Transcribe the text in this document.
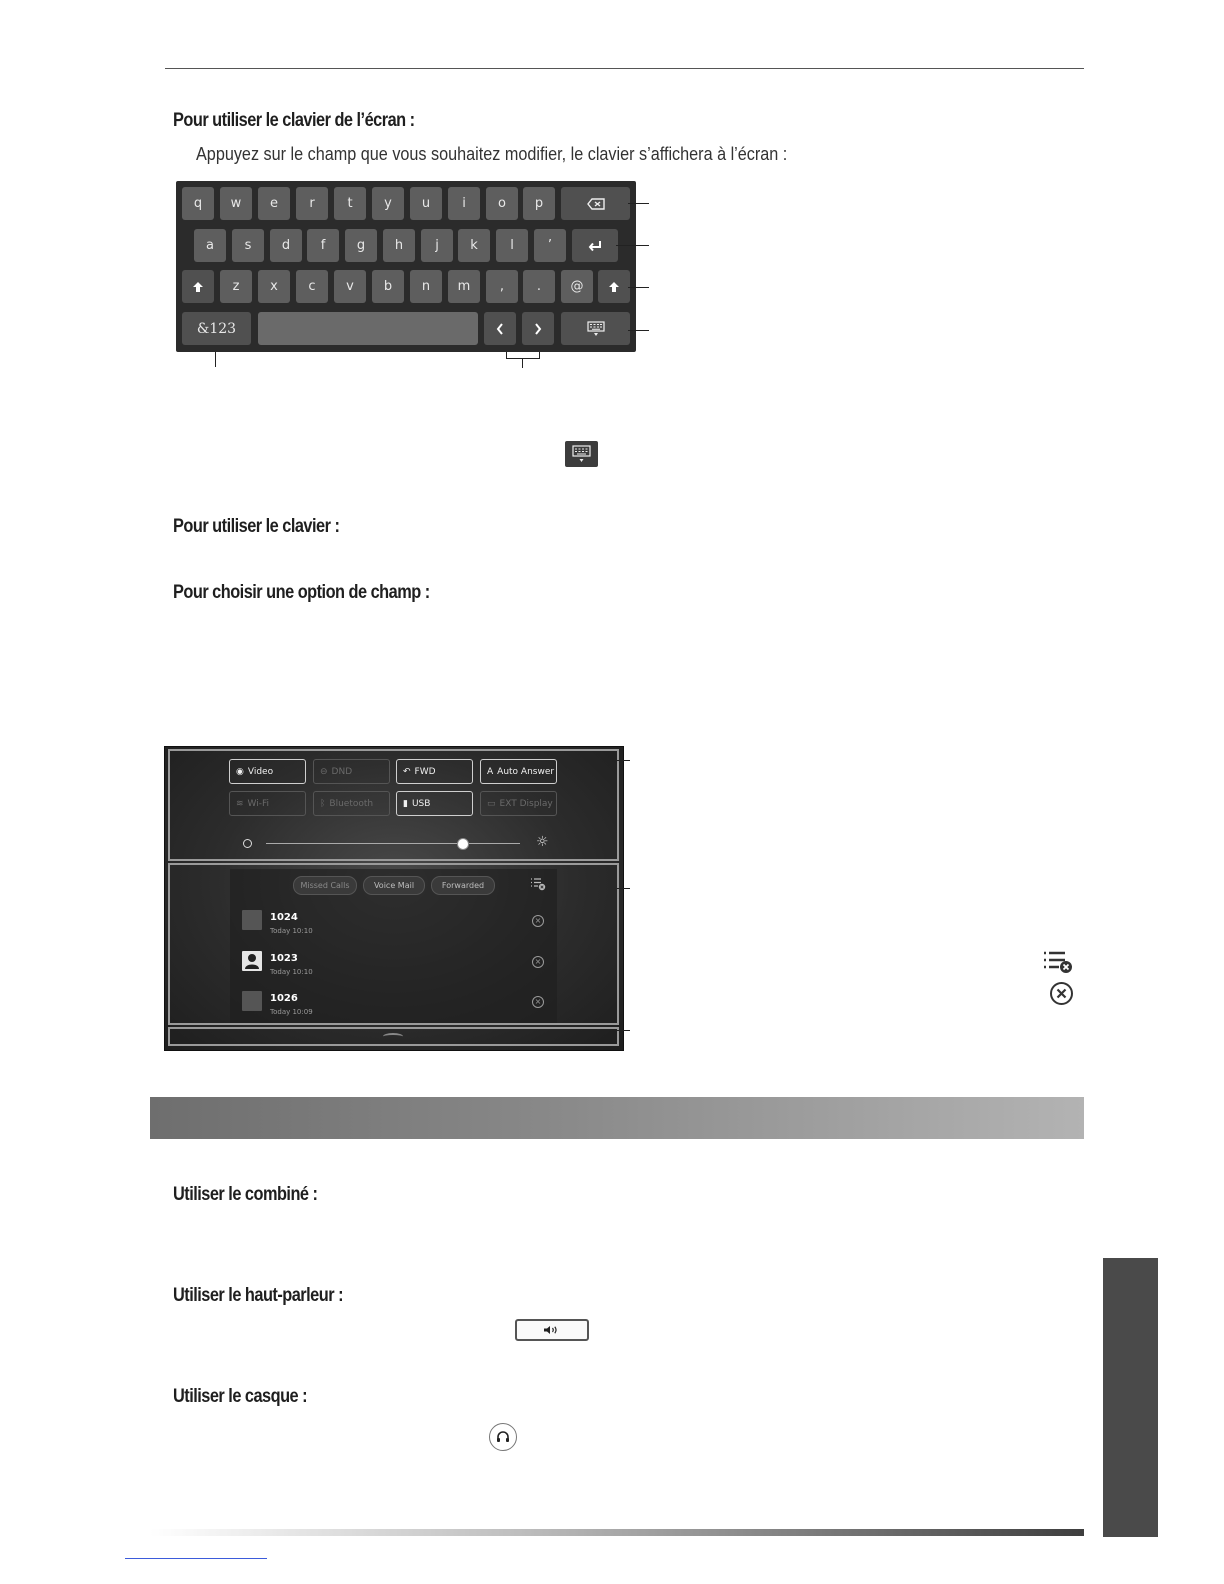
Pour utiliser le clavier de l’écran :
Appuyez sur le champ que vous souhaitez modifier, le clavier s’affichera à l’écran :
q	w	e	r	t	y	u	i	o	p
a	s	d	f	g	h	j	k	l	’
z	x	c	v	b	n	m	,	.	@
&123
Pour utiliser le clavier :
Pour choisir une option de champ :
◉ Video	⊖ DND	↶ FWD	A Auto Answer
≋ Wi-Fi	ᛒ Bluetooth	▮ USB	▭ EXT Display
☼
Missed Calls	Voice Mail	Forwarded
1024
Today 10:10
×
1023
Today 10:10
×
1026
Today 10:09
×
Utiliser le combiné :
Utiliser le haut-parleur :
Utiliser le casque :
